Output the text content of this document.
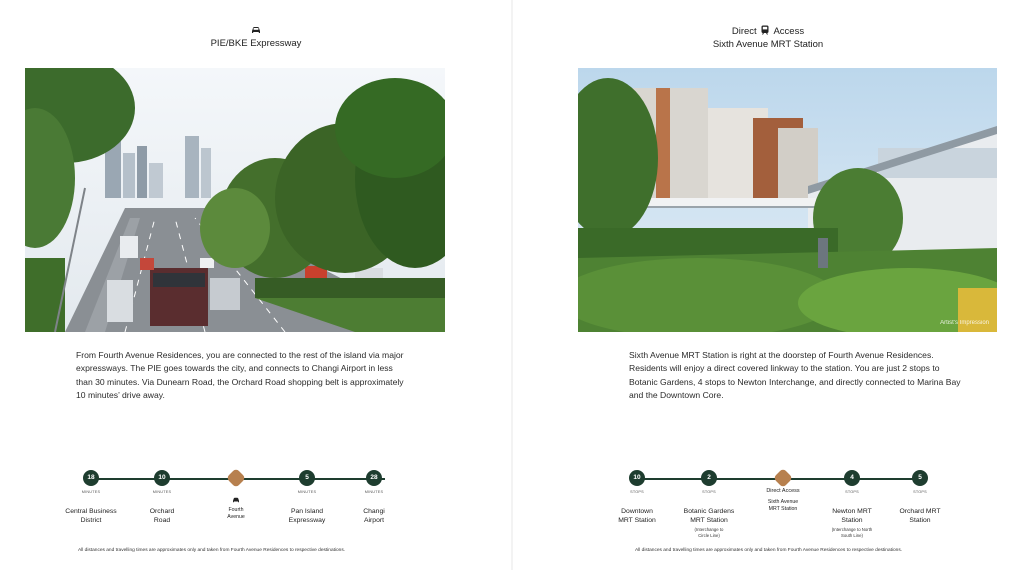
PIE/BKE Expressway
From Fourth Avenue Residences, you are connected to the rest of the island via major expressways. The PIE goes towards the city, and connects to Changi Airport in less than 30 minutes. Via Dunearn Road, the Orchard Road shopping belt is approximately 10 minutes’ drive away.
18
MINUTES
Central Business District
10
MINUTES
Orchard Road
Fourth Avenue
5
MINUTES
Pan Island Expressway
28
MINUTES
Changi Airport
All distances and travelling times are approximates only and taken from Fourth Avenue Residences to respective destinations.
Direct Access
Sixth Avenue MRT Station
Artist's Impression
Sixth Avenue MRT Station is right at the doorstep of Fourth Avenue Residences. Residents will enjoy a direct covered linkway to the station. You are just 2 stops to Botanic Gardens, 4 stops to Newton Interchange, and directly connected to Marina Bay and the Downtown Core.
All distances and travelling times are approximates only and taken from Fourth Avenue Residences to respective destinations.
10
STOPS
Downtown MRT Station
2
STOPS
Botanic Gardens MRT Station
(Interchange to Circle Line)
Direct Access
Sixth Avenue MRT Station
4
STOPS
Newton MRT Station
(Interchange to North South Line)
5
STOPS
Orchard MRT Station
